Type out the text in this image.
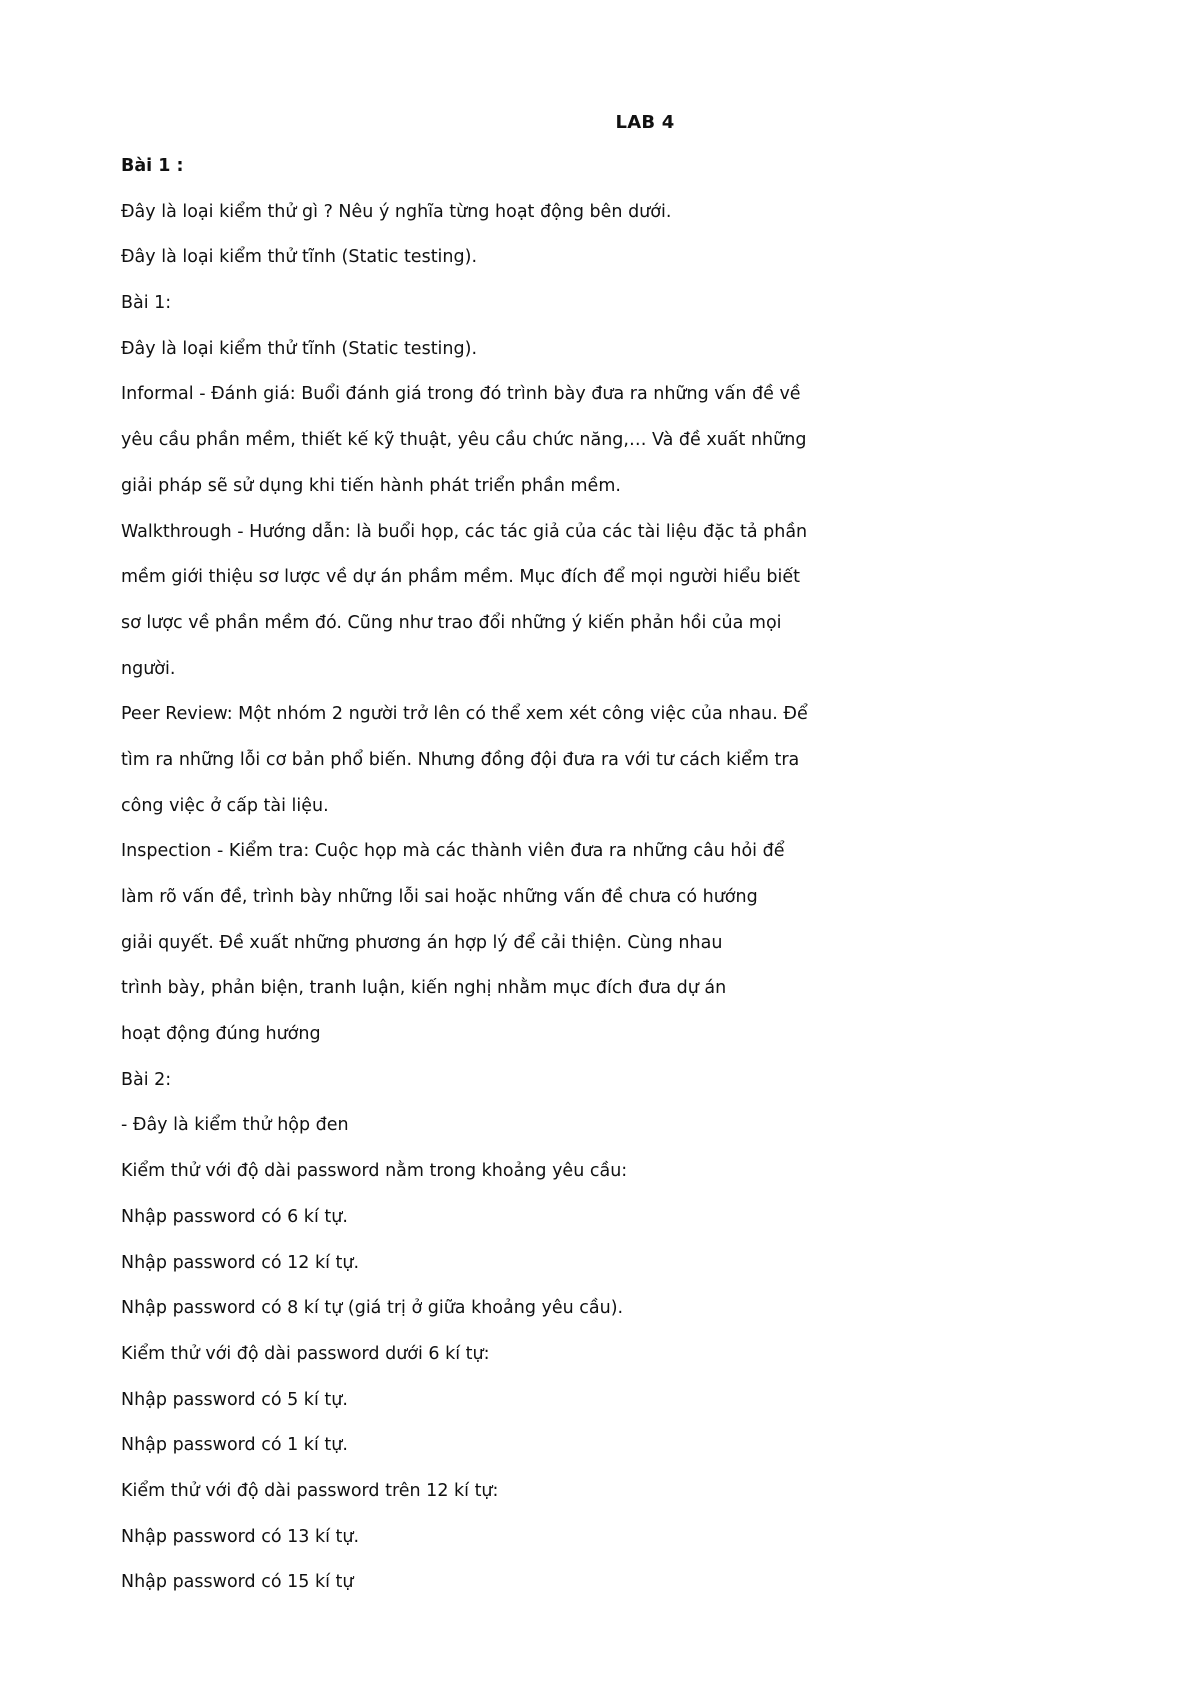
LAB 4
Bài 1 :
Đây là loại kiểm thử gì ? Nêu ý nghĩa từng hoạt động bên dưới.
Đây là loại kiểm thử tĩnh (Static testing).
Bài 1:
Đây là loại kiểm thử tĩnh (Static testing).
Informal - Đánh giá: Buổi đánh giá trong đó trình bày đưa ra những vấn đề về
yêu cầu phần mềm, thiết kế kỹ thuật, yêu cầu chức năng,… Và đề xuất những
giải pháp sẽ sử dụng khi tiến hành phát triển phần mềm.
Walkthrough - Hướng dẫn: là buổi họp, các tác giả của các tài liệu đặc tả phần
mềm giới thiệu sơ lược về dự án phầm mềm. Mục đích để mọi người hiểu biết
sơ lược về phần mềm đó. Cũng như trao đổi những ý kiến phản hồi của mọi
người.
Peer Review: Một nhóm 2 người trở lên có thể xem xét công việc của nhau. Để
tìm ra những lỗi cơ bản phổ biến. Nhưng đồng đội đưa ra với tư cách kiểm tra
công việc ở cấp tài liệu.
Inspection - Kiểm tra: Cuộc họp mà các thành viên đưa ra những câu hỏi để
làm rõ vấn đề, trình bày những lỗi sai hoặc những vấn đề chưa có hướng
giải quyết. Đề xuất những phương án hợp lý để cải thiện. Cùng nhau
trình bày, phản biện, tranh luận, kiến nghị nhằm mục đích đưa dự án
hoạt động đúng hướng
Bài 2:
- Đây là kiểm thử hộp đen
Kiểm thử với độ dài password nằm trong khoảng yêu cầu:
Nhập password có 6 kí tự.
Nhập password có 12 kí tự.
Nhập password có 8 kí tự (giá trị ở giữa khoảng yêu cầu).
Kiểm thử với độ dài password dưới 6 kí tự:
Nhập password có 5 kí tự.
Nhập password có 1 kí tự.
Kiểm thử với độ dài password trên 12 kí tự:
Nhập password có 13 kí tự.
Nhập password có 15 kí tự
